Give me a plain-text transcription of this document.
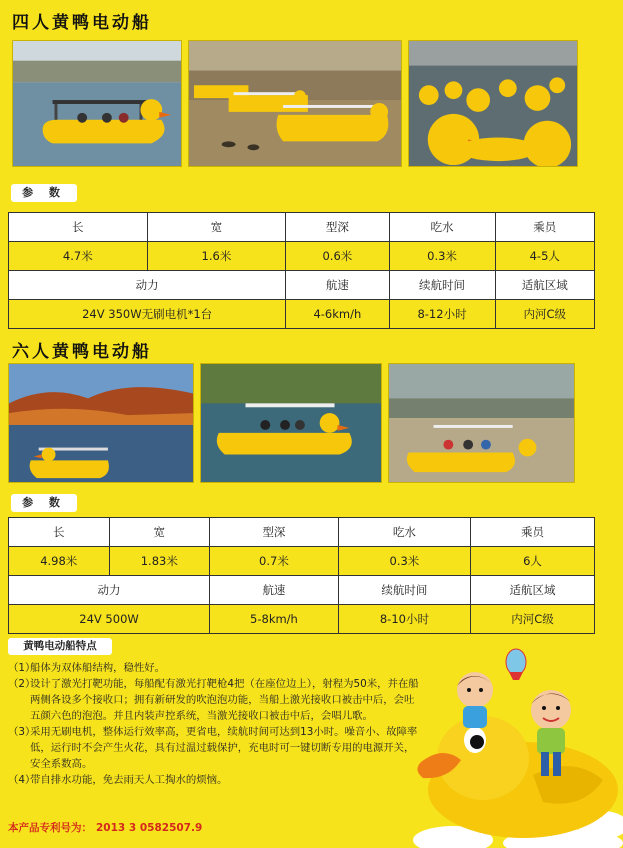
四人黄鸭电动船
参 数
长	宽	型深	吃水	乘员
4.7米	1.6米	0.6米	0.3米	4-5人
动力		航速	续航时间	适航区域
24V 350W无刷电机*1台		4-6km/h	8-12小时	内河C级
六人黄鸭电动船
参 数
长	宽	型深	吃水	乘员
4.98米	1.83米	0.7米	0.3米	6人
动力		航速	续航时间	适航区域
24V 500W		5-8km/h	8-10小时	内河C级
黄鸭电动船特点
（1）
船体为双体船结构，稳性好。
（2）
设计了激光打靶功能，每船配有激光打靶枪4把（在座位边上），射程为50米，并在船两侧各设多个接收口；拥有新研发的吹泡泡功能，当船上激光接收口被击中后，会吐五颜六色的泡泡。并且内装声控系统，当激光接收口被击中后，会唱儿歌。
（3）
采用无刷电机，整体运行效率高，更省电，续航时间可达到13小时。噪音小、故障率低，运行时不会产生火花，具有过温过载保护，充电时可一键切断专用的电源开关，安全系数高。
（4）
带自排水功能，免去雨天人工掏水的烦恼。
本产品专利号为： 2013 3 0582507.9
